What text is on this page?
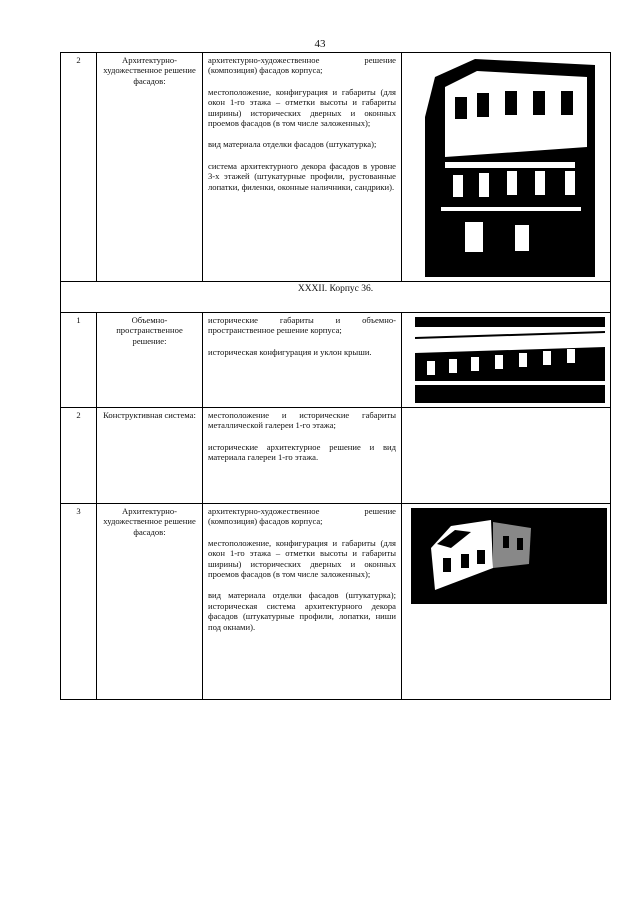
43
2	Архитектурно-художественное решение фасадов:	архитектурно-художественное решение (композиция) фасадов корпуса;

местоположение, конфигурация и габариты (для окон 1-го этажа – отметки высоты и габариты ширины) исторических дверных и оконных проемов фасадов (в том числе заложенных);

вид материала отделки фасадов (штукатурка);

система архитектурного декора фасадов в уровне 3-х этажей (штукатурные профили, рустованные лопатки, филенки, оконные наличники, сандрики).

XXXII. Корпус 36.			
1	Объемно-пространственное решение:	исторические габариты и объемно-пространственное решение корпуса;

историческая конфигурация и уклон крыши.

2	Конструктивная система:	местоположение и исторические габариты металлической галереи 1-го этажа;

исторические архитектурное решение и вид материала галереи 1-го этажа.	

3	Архитектурно-художественное решение фасадов:	архитектурно-художественное решение (композиция) фасадов корпуса;

местоположение, конфигурация и габариты (для окон 1-го этажа – отметки высоты и габариты ширины) исторических дверных и оконных проемов фасадов (в том числе заложенных);

вид материала отделки фасадов (штукатурка); историческая система архитектурного декора фасадов (штукатурные профили, лопатки, ниши под окнами).
